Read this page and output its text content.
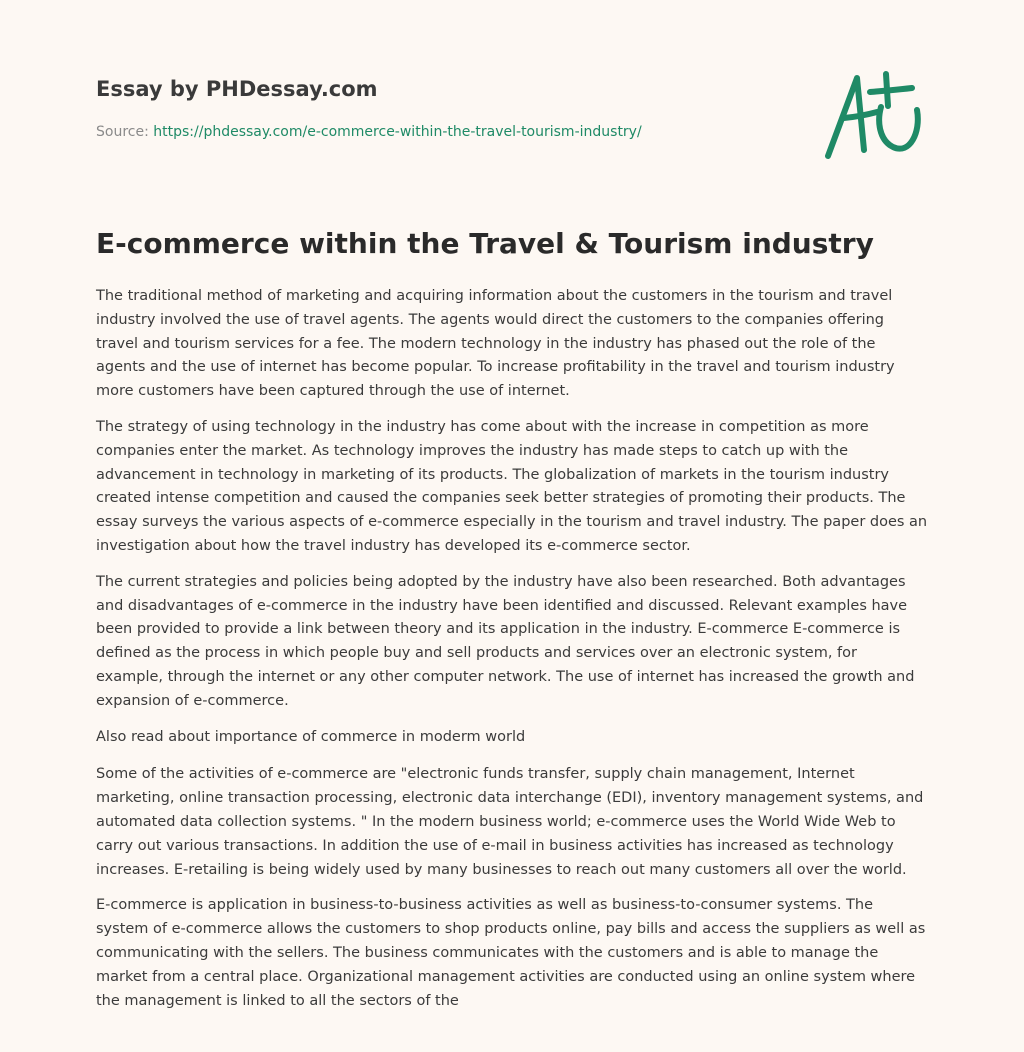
Essay by PHDessay.com
Source: https://phdessay.com/e-commerce-within-the-travel-tourism-industry/
E-commerce within the Travel & Tourism industry

The traditional method of marketing and acquiring information about the customers in the tourism and travel industry involved the use of travel agents. The agents would direct the customers to the companies offering travel and tourism services for a fee. The modern technology in the industry has phased out the role of the agents and the use of internet has become popular. To increase profitability in the travel and tourism industry more customers have been captured through the use of internet.

The strategy of using technology in the industry has come about with the increase in competition as more companies enter the market. As technology improves the industry has made steps to catch up with the advancement in technology in marketing of its products. The globalization of markets in the tourism industry created intense competition and caused the companies seek better strategies of promoting their products. The essay surveys the various aspects of e-commerce especially in the tourism and travel industry. The paper does an investigation about how the travel industry has developed its e-commerce sector.

The current strategies and policies being adopted by the industry have also been researched. Both advantages and disadvantages of e-commerce in the industry have been identified and discussed. Relevant examples have been provided to provide a link between theory and its application in the industry. E-commerce E-commerce is defined as the process in which people buy and sell products and services over an electronic system, for example, through the internet or any other computer network. The use of internet has increased the growth and expansion of e-commerce.

Also read about importance of commerce in moderm world

Some of the activities of e-commerce are "electronic funds transfer, supply chain management, Internet marketing, online transaction processing, electronic data interchange (EDI), inventory management systems, and automated data collection systems. " In the modern business world; e-commerce uses the World Wide Web to carry out various transactions. In addition the use of e-mail in business activities has increased as technology increases. E-retailing is being widely used by many businesses to reach out many customers all over the world.

E-commerce is application in business-to-business activities as well as business-to-consumer systems. The system of e-commerce allows the customers to shop products online, pay bills and access the suppliers as well as communicating with the sellers. The business communicates with the customers and is able to manage the market from a central place. Organizational management activities are conducted using an online system where the management is linked to all the sectors of the
